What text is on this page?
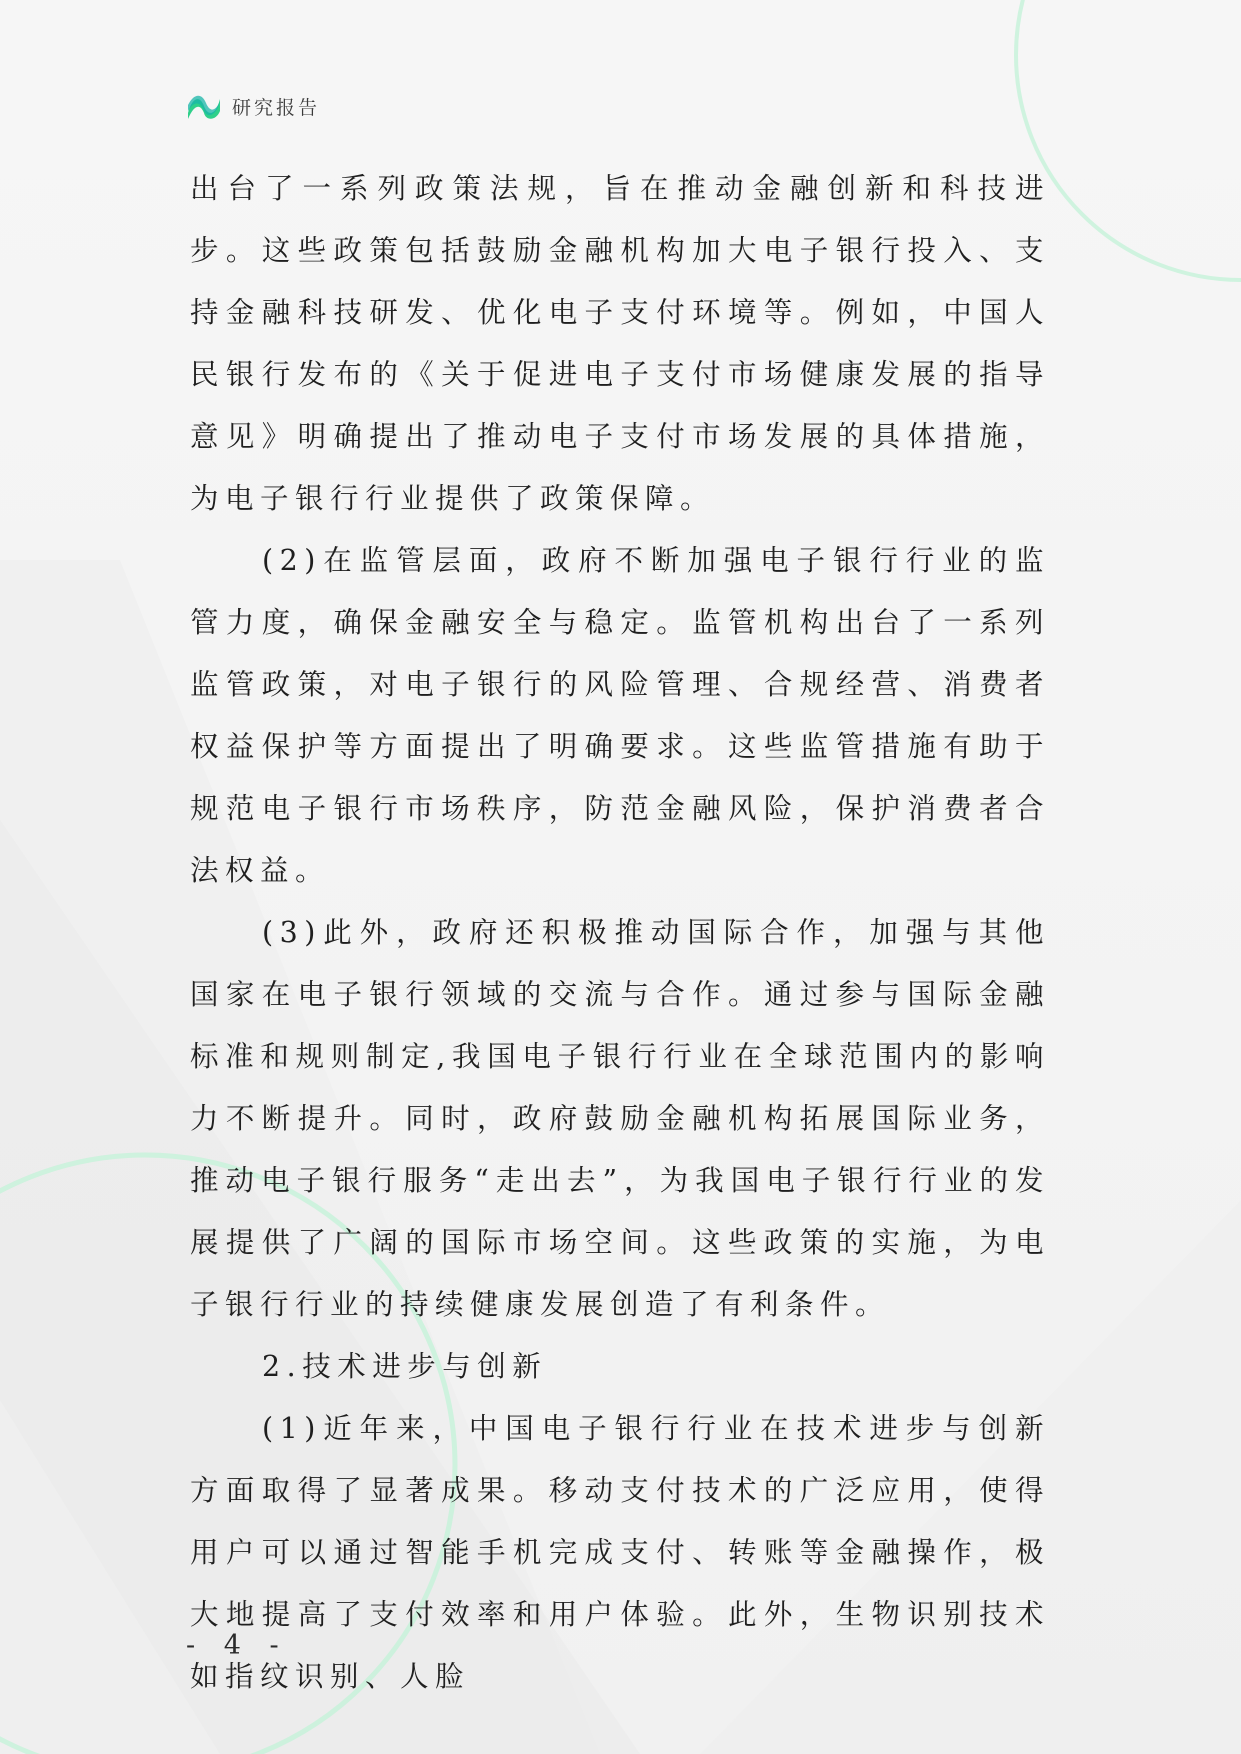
研究报告

出台了一系列政策法规，旨在推动金融创新和科技进步。这些政策包括鼓励金融机构加大电子银行投入、支持金融科技研发、优化电子支付环境等。例如，中国人民银行发布的《关于促进电子支付市场健康发展的指导意见》明确提出了推动电子支付市场发展的具体措施，为电子银行行业提供了政策保障。

(2)在监管层面，政府不断加强电子银行行业的监管力度，确保金融安全与稳定。监管机构出台了一系列监管政策，对电子银行的风险管理、合规经营、消费者权益保护等方面提出了明确要求。这些监管措施有助于规范电子银行市场秩序，防范金融风险，保护消费者合法权益。

(3)此外，政府还积极推动国际合作，加强与其他国家在电子银行领域的交流与合作。通过参与国际金融标准和规则制定,我国电子银行行业在全球范围内的影响力不断提升。同时，政府鼓励金融机构拓展国际业务，推动电子银行服务“走出去”，为我国电子银行行业的发展提供了广阔的国际市场空间。这些政策的实施，为电子银行行业的持续健康发展创造了有利条件。

2.技术进步与创新

(1)近年来，中国电子银行行业在技术进步与创新方面取得了显著成果。移动支付技术的广泛应用，使得用户可以通过智能手机完成支付、转账等金融操作，极大地提高了支付效率和用户体验。此外，生物识别技术如指纹识别、人脸

- 4 -
